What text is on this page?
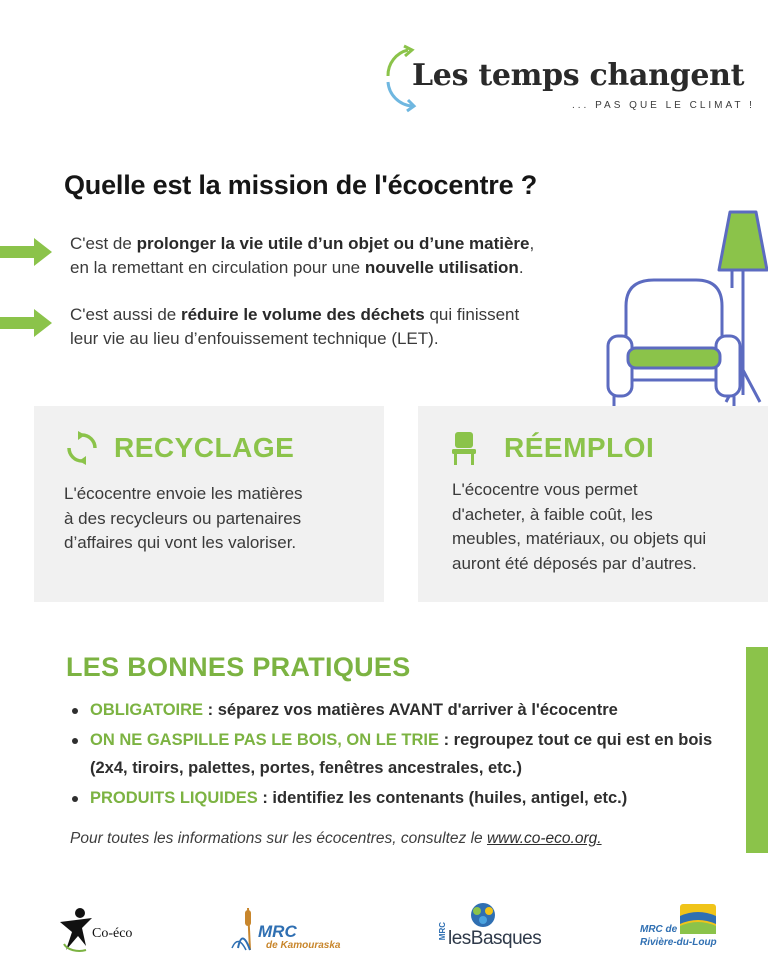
Les temps changent
... PAS QUE LE CLIMAT !
Quelle est la mission de l'écocentre ?
C'est de prolonger la vie utile d’un objet ou d’une matière,
en la remettant en circulation pour une nouvelle utilisation.
C'est aussi de réduire le volume des déchets qui finissent
leur vie au lieu d’enfouissement technique (LET).
RECYCLAGE
L'écocentre envoie les matières
à des recycleurs ou partenaires
d’affaires qui vont les valoriser.
RÉEMPLOI
L'écocentre vous permet
d'acheter, à faible coût, les
meubles, matériaux, ou objets qui
auront été déposés par d’autres.
LES BONNES PRATIQUES
OBLIGATOIRE : séparez vos matières AVANT d'arriver à l'écocentre
ON NE GASPILLE PAS LE BOIS, ON LE TRIE : regroupez tout ce qui est en bois (2x4, tiroirs, palettes, portes, fenêtres ancestrales, etc.)
PRODUITS LIQUIDES : identifiez les contenants (huiles, antigel, etc.)
Pour toutes les informations sur les écocentres, consultez le www.co-eco.org.
Co-éco	MRC
de Kamouraska
MRC lesBasques	MRC de
Rivière-du-Loup
